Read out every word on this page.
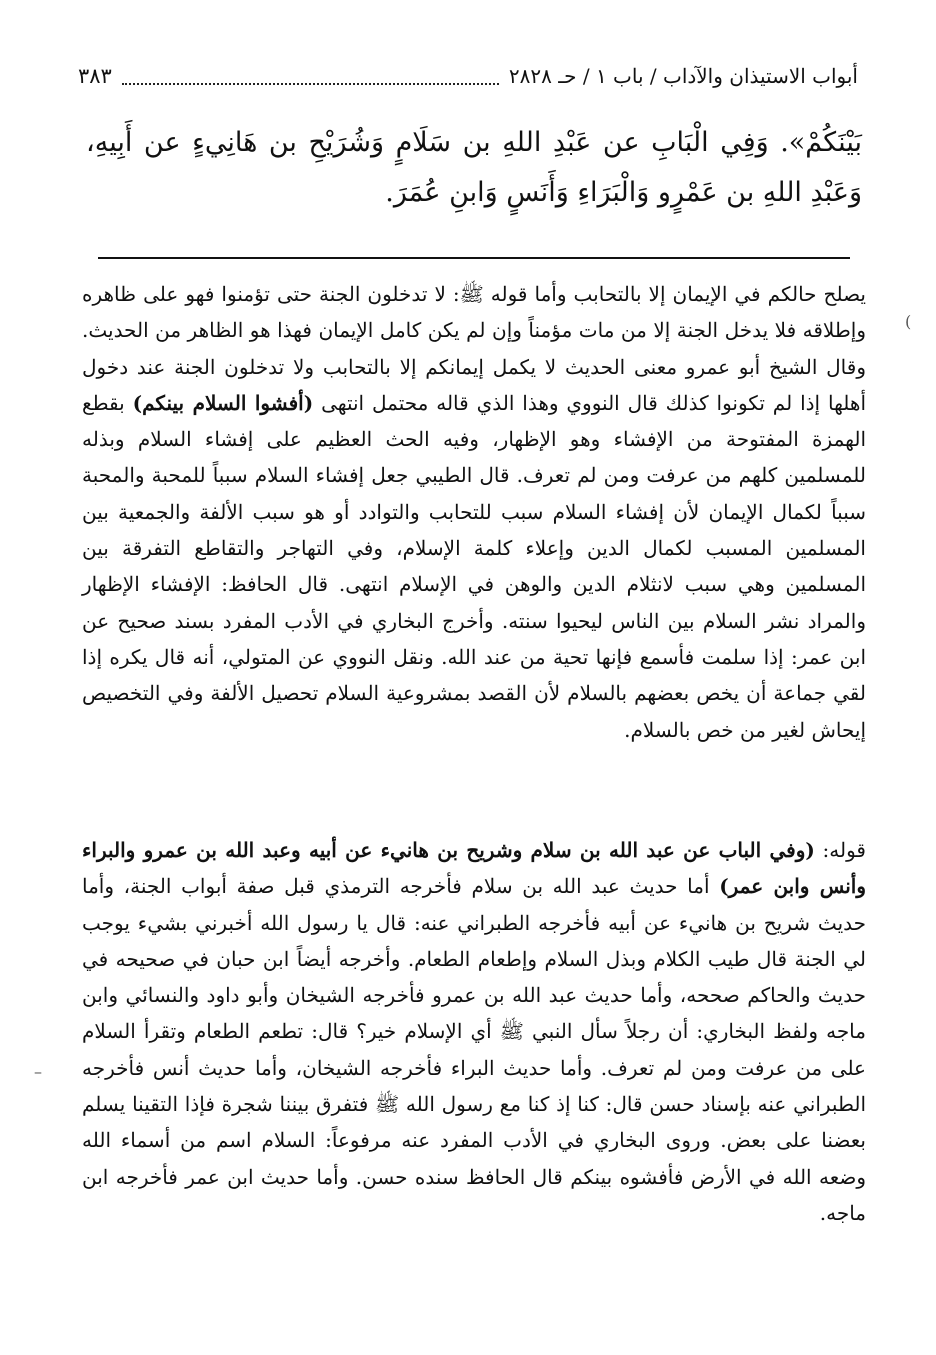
أبواب الاستيذان والآداب / باب ١ / حـ ٢٨٢٨
٣٨٣
بَيْنَكُمْ». وَفِي الْبَابِ عن عَبْدِ اللهِ بن سَلَامٍ وَشُرَيْحِ بن هَانِيءٍ عن أَبِيهِ، وَعَبْدِ اللهِ بن عَمْرٍو وَالْبَرَاءِ وَأَنَسٍ وَابنِ عُمَرَ.

يصلح حالكم في الإيمان إلا بالتحابب وأما قوله ﷺ: لا تدخلون الجنة حتى تؤمنوا فهو على ظاهره وإطلاقه فلا يدخل الجنة إلا من مات مؤمناً وإن لم يكن كامل الإيمان فهذا هو الظاهر من الحديث. وقال الشيخ أبو عمرو معنى الحديث لا يكمل إيمانكم إلا بالتحابب ولا تدخلون الجنة عند دخول أهلها إذا لم تكونوا كذلك قال النووي وهذا الذي قاله محتمل انتهى (أفشوا السلام بينكم) بقطع الهمزة المفتوحة من الإفشاء وهو الإظهار، وفيه الحث العظيم على إفشاء السلام وبذله للمسلمين كلهم من عرفت ومن لم تعرف. قال الطيبي جعل إفشاء السلام سبباً للمحبة والمحبة سبباً لكمال الإيمان لأن إفشاء السلام سبب للتحابب والتوادد أو هو سبب الألفة والجمعية بين المسلمين المسبب لكمال الدين وإعلاء كلمة الإسلام، وفي التهاجر والتقاطع التفرقة بين المسلمين وهي سبب لانثلام الدين والوهن في الإسلام انتهى. قال الحافظ: الإفشاء الإظهار والمراد نشر السلام بين الناس ليحيوا سنته. وأخرج البخاري في الأدب المفرد بسند صحيح عن ابن عمر: إذا سلمت فأسمع فإنها تحية من عند الله. ونقل النووي عن المتولي، أنه قال يكره إذا لقي جماعة أن يخص بعضهم بالسلام لأن القصد بمشروعية السلام تحصيل الألفة وفي التخصيص إيحاش لغير من خص بالسلام.

قوله: (وفي الباب عن عبد الله بن سلام وشريح بن هانيء عن أبيه وعبد الله بن عمرو والبراء وأنس وابن عمر) أما حديث عبد الله بن سلام فأخرجه الترمذي قبل صفة أبواب الجنة، وأما حديث شريح بن هانيء عن أبيه فأخرجه الطبراني عنه: قال يا رسول الله أخبرني بشيء يوجب لي الجنة قال طيب الكلام وبذل السلام وإطعام الطعام. وأخرجه أيضاً ابن حبان في صحيحه في حديث والحاكم صححه، وأما حديث عبد الله بن عمرو فأخرجه الشيخان وأبو داود والنسائي وابن ماجه ولفظ البخاري: أن رجلاً سأل النبي ﷺ أي الإسلام خير؟ قال: تطعم الطعام وتقرأ السلام على من عرفت ومن لم تعرف. وأما حديث البراء فأخرجه الشيخان، وأما حديث أنس فأخرجه الطبراني عنه بإسناد حسن قال: كنا إذ كنا مع رسول الله ﷺ فتفرق بيننا شجرة فإذا التقينا يسلم بعضنا على بعض. وروى البخاري في الأدب المفرد عنه مرفوعاً: السلام اسم من أسماء الله وضعه الله في الأرض فأفشوه بينكم قال الحافظ سنده حسن. وأما حديث ابن عمر فأخرجه ابن ماجه.

(
–
